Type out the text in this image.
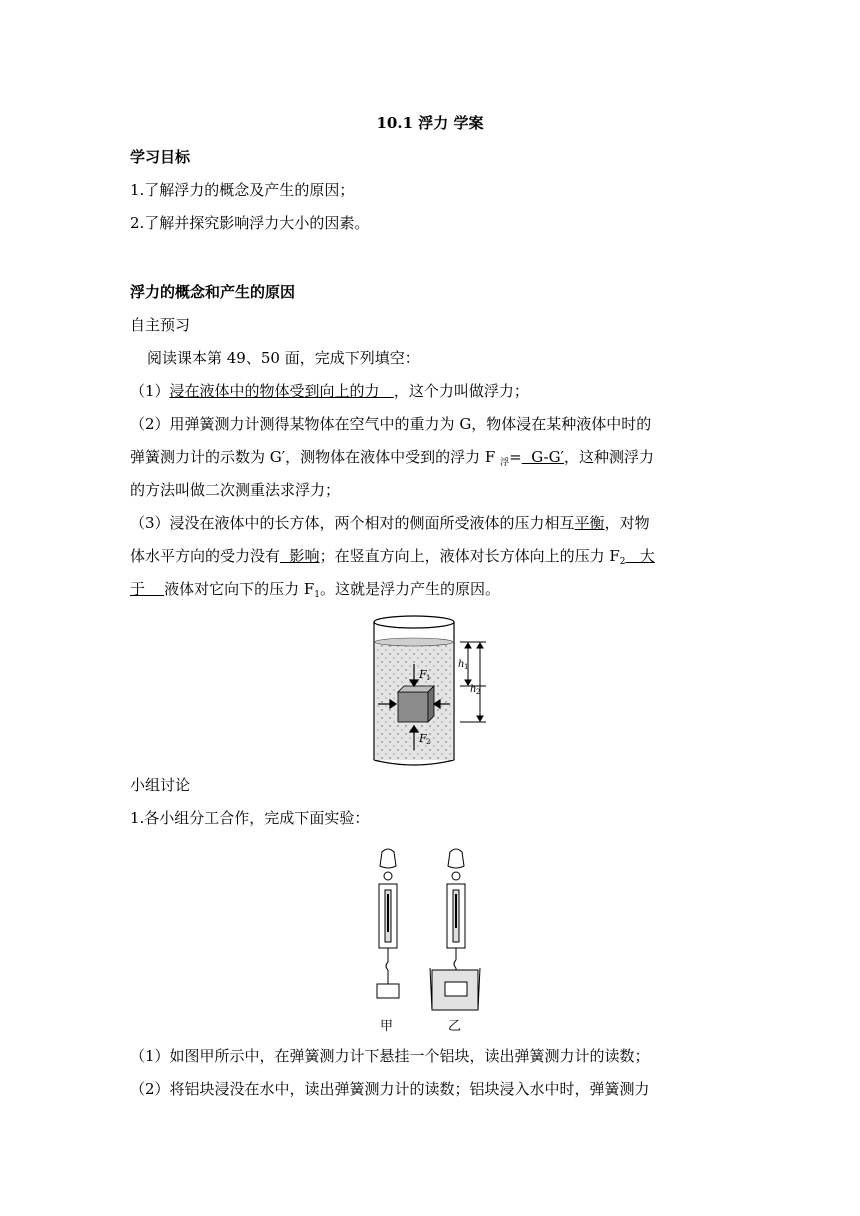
10.1 浮力 学案
学习目标
1.了解浮力的概念及产生的原因；
2.了解并探究影响浮力大小的因素。
浮力的概念和产生的原因
自主预习
阅读课本第 49、50 面，完成下列填空：
（1）浸在液体中的物体受到向上的力   ，这个力叫做浮力；
（2）用弹簧测力计测得某物体在空气中的重力为 G，物体浸在某种液体中时的
弹簧测力计的示数为 G′，测物体在液体中受到的浮力 F $_浮$=  G-G′，这种测浮力
的方法叫做二次测重法求浮力；
（3）浸没在液体中的长方体，两个相对的侧面所受液体的压力相互平衡，对物
体水平方向的受力没有  影响；在竖直方向上，液体对长方体向上的压力 $F_2$   大
于    液体对它向下的压力 $F_1$。这就是浮力产生的原因。
F 1
F 2
h 1
h 2
小组讨论
1.各小组分工合作，完成下面实验：
甲	乙
（1）如图甲所示中，在弹簧测力计下悬挂一个铝块，读出弹簧测力计的读数；
（2）将铝块浸没在水中，读出弹簧测力计的读数；铝块浸入水中时，弹簧测力
